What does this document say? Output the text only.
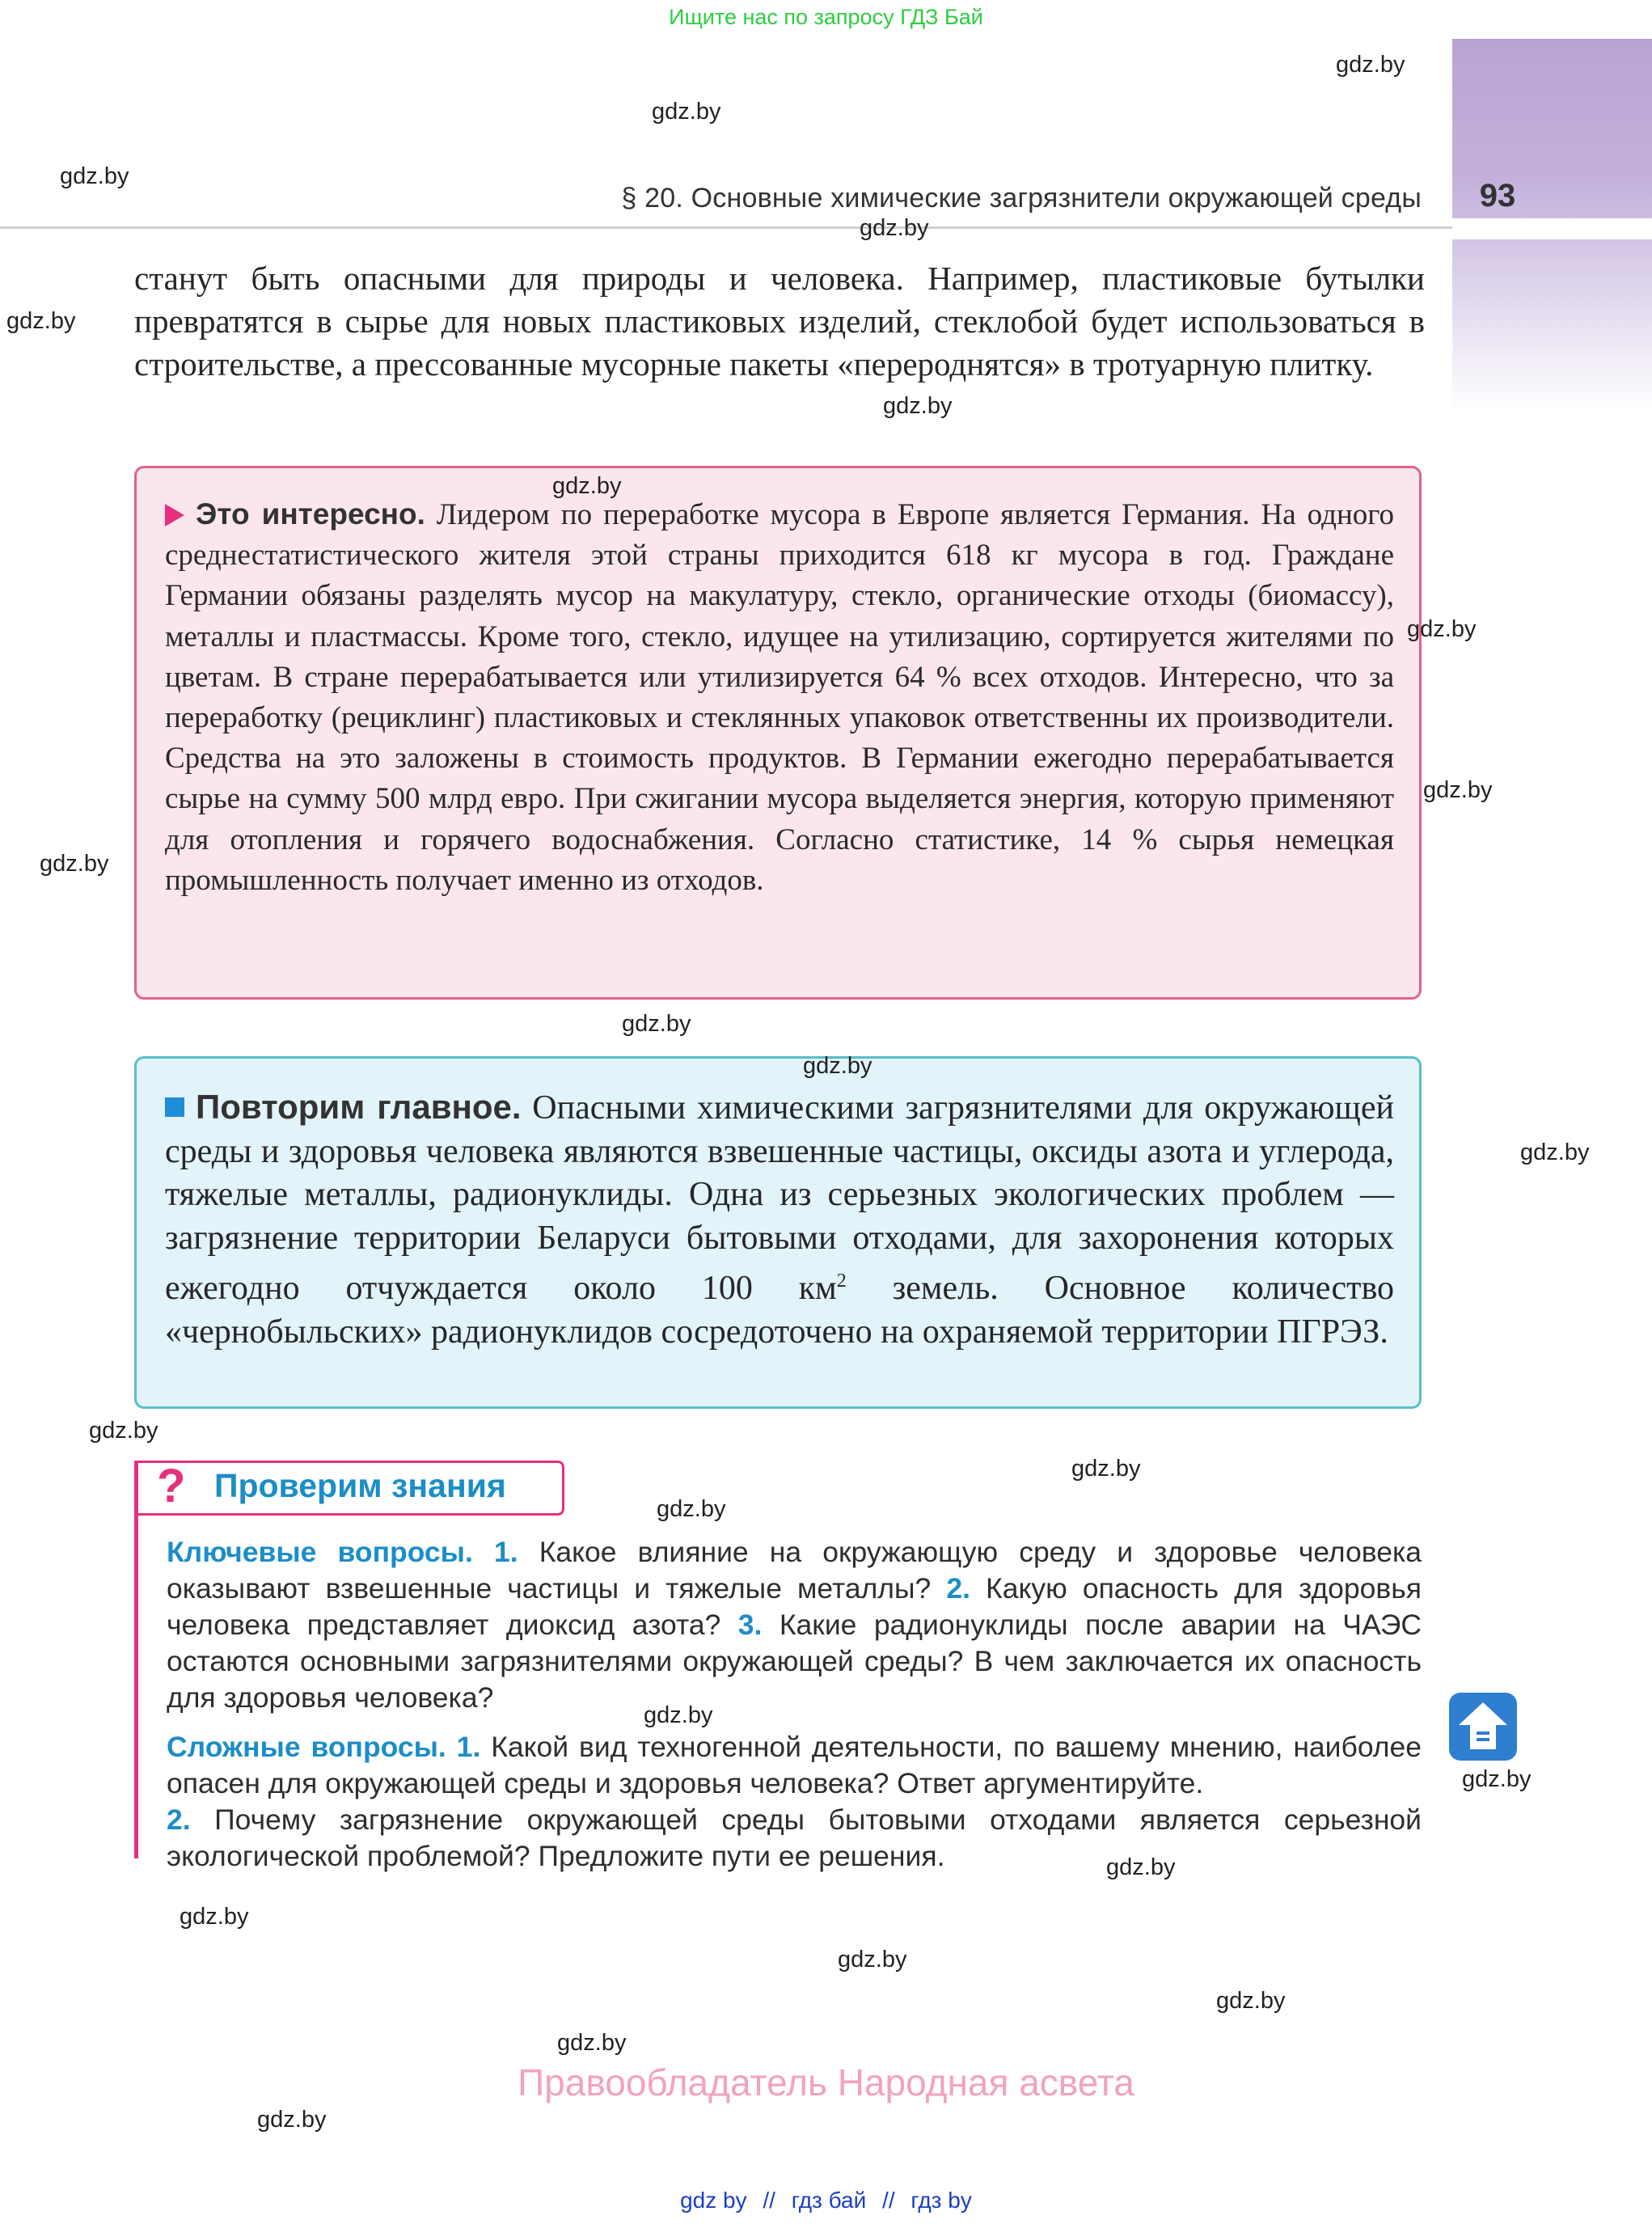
Ищите нас по запросу ГДЗ Бай
93
§ 20. Основные химические загрязнители окружающей среды
станут быть опасными для природы и человека. Например, пластиковые бутылки превратятся в сырье для новых пластиковых изделий, стеклобой будет использоваться в строительстве, а прессованные мусорные пакеты «перероднятся» в тротуарную плитку.
Это интересно. Лидером по переработке мусора в Европе является Германия. На одного среднестатистического жителя этой страны приходится 618 кг мусора в год. Граждане Германии обязаны разделять мусор на макулатуру, стекло, органические отходы (биомассу), металлы и пластмассы. Кроме того, стекло, идущее на утилизацию, сортируется жителями по цветам. В стране перерабатывается или утилизируется 64 % всех отходов. Интересно, что за переработку (рециклинг) пластиковых и стеклянных упаковок ответственны их производители. Средства на это заложены в стоимость продуктов. В Германии ежегодно перерабатывается сырье на сумму 500 млрд евро. При сжигании мусора выделяется энергия, которую применяют для отопления и горячего водоснабжения. Согласно статистике, 14 % сырья немецкая промышленность получает именно из отходов.
Повторим главное. Опасными химическими загрязнителями для окружающей среды и здоровья человека являются взвешенные частицы, оксиды азота и углерода, тяжелые металлы, радионуклиды. Одна из серьезных экологических проблем — загрязнение территории Беларуси бытовыми отходами, для захоронения которых ежегодно отчуждается около 100 $км^2$ земель. Основное количество «чернобыльских» радионуклидов сосредоточено на охраняемой территории ПГРЭЗ.
? Проверим знания
Ключевые вопросы. 1. Какое влияние на окружающую среду и здоровье человека оказывают взвешенные частицы и тяжелые металлы? 2. Какую опасность для здоровья человека представляет диоксид азота? 3. Какие радионуклиды после аварии на ЧАЭС остаются основными загрязнителями окружающей среды? В чем заключается их опасность для здоровья человека?
Сложные вопросы. 1. Какой вид техногенной деятельности, по вашему мнению, наиболее опасен для окружающей среды и здоровья человека? Ответ аргументируйте.
2. Почему загрязнение окружающей среды бытовыми отходами является серьезной экологической проблемой? Предложите пути ее решения.
gdz.by
gdz.by
gdz.by
gdz.by
gdz.by
gdz.by
gdz.by
gdz.by
gdz.by
gdz.by
gdz.by
gdz.by
gdz.by
gdz.by
gdz.by
gdz.by
gdz.by
gdz.by
gdz.by
gdz.by
gdz.by
gdz.by
gdz.by
gdz.by
Правообладатель Народная асвета
gdz by // гдз бай // гдз by
